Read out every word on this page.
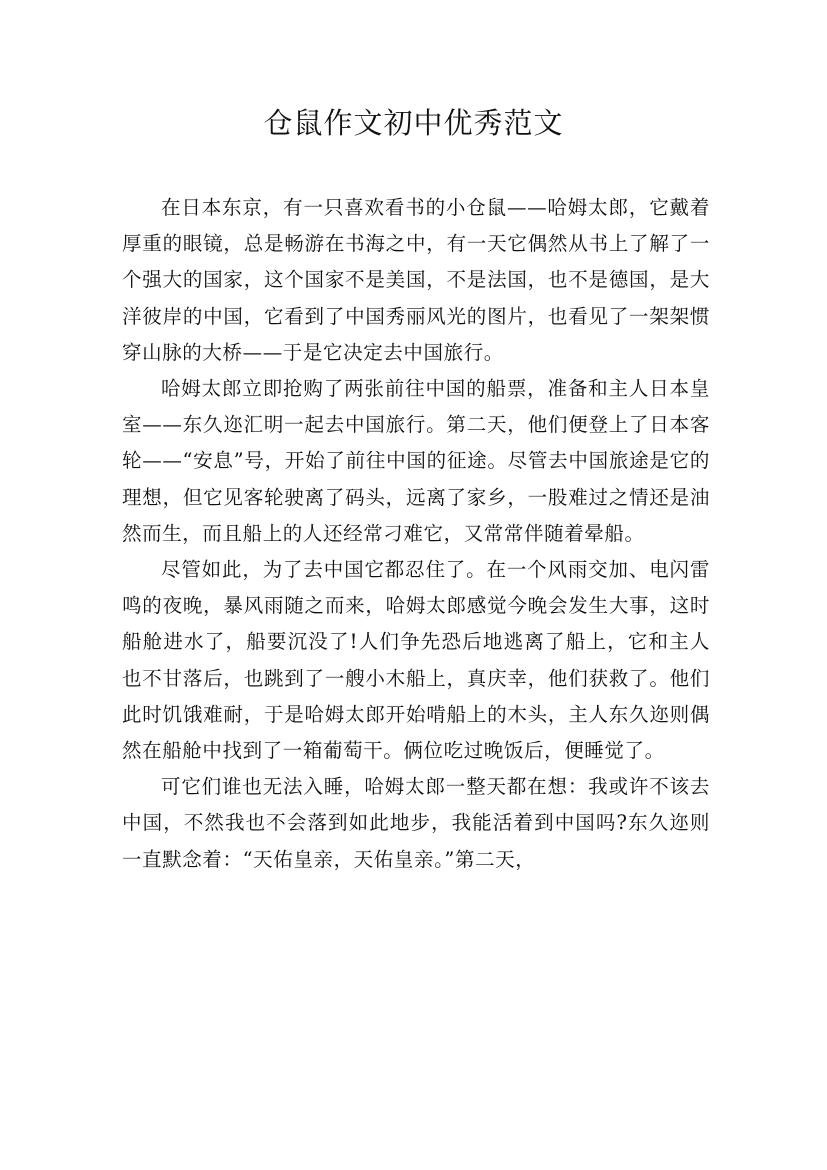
仓鼠作文初中优秀范文

在日本东京，有一只喜欢看书的小仓鼠——哈姆太郎，它戴着厚重的眼镜，总是畅游在书海之中，有一天它偶然从书上了解了一个强大的国家，这个国家不是美国，不是法国，也不是德国，是大洋彼岸的中国，它看到了中国秀丽风光的图片，也看见了一架架惯穿山脉的大桥——于是它决定去中国旅行。

哈姆太郎立即抢购了两张前往中国的船票，准备和主人日本皇室——东久迩汇明一起去中国旅行。第二天，他们便登上了日本客轮——“安息”号，开始了前往中国的征途。尽管去中国旅途是它的理想，但它见客轮驶离了码头，远离了家乡，一股难过之情还是油然而生，而且船上的人还经常刁难它，又常常伴随着晕船。

尽管如此，为了去中国它都忍住了。在一个风雨交加、电闪雷鸣的夜晚，暴风雨随之而来，哈姆太郎感觉今晚会发生大事，这时船舱进水了，船要沉没了!人们争先恐后地逃离了船上，它和主人也不甘落后，也跳到了一艘小木船上，真庆幸，他们获救了。他们此时饥饿难耐，于是哈姆太郎开始啃船上的木头，主人东久迩则偶然在船舱中找到了一箱葡萄干。俩位吃过晚饭后，便睡觉了。

可它们谁也无法入睡，哈姆太郎一整天都在想：我或许不该去中国，不然我也不会落到如此地步，我能活着到中国吗?东久迩则一直默念着：“天佑皇亲，天佑皇亲。”第二天，
